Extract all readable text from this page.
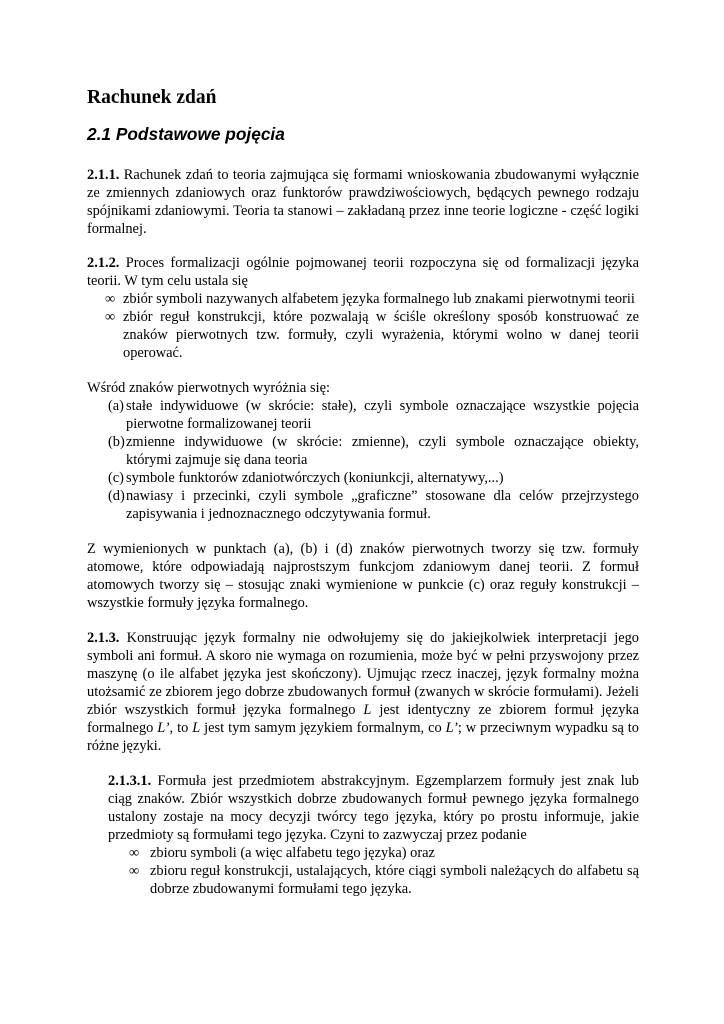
Rachunek zdań
2.1 Podstawowe pojęcia

2.1.1. Rachunek zdań to teoria zajmująca się formami wnioskowania zbudowanymi wyłącznie ze zmiennych zdaniowych oraz funktorów prawdziwościowych, będących pewnego rodzaju spójnikami zdaniowymi. Teoria ta stanowi – zakładaną przez inne teorie logiczne - część logiki formalnej.

2.1.2. Proces formalizacji ogólnie pojmowanej teorii rozpoczyna się od formalizacji języka teorii. W tym celu ustala się

∞ zbiór symboli nazywanych alfabetem języka formalnego lub znakami pierwotnymi teorii
∞ zbiór reguł konstrukcji, które pozwalają w ściśle określony sposób konstruować ze znaków pierwotnych tzw. formuły, czyli wyrażenia, którymi wolno w danej teorii operować.

Wśród znaków pierwotnych wyróżnia się:

(a) stałe indywiduowe (w skrócie: stałe), czyli symbole oznaczające wszystkie pojęcia pierwotne formalizowanej teorii
(b) zmienne indywiduowe (w skrócie: zmienne), czyli symbole oznaczające obiekty, którymi zajmuje się dana teoria
(c) symbole funktorów zdaniotwórczych (koniunkcji, alternatywy,...)
(d) nawiasy i przecinki, czyli symbole „graficzne” stosowane dla celów przejrzystego zapisywania i jednoznacznego odczytywania formuł.

Z wymienionych w punktach (a), (b) i (d) znaków pierwotnych tworzy się tzw. formuły atomowe, które odpowiadają najprostszym funkcjom zdaniowym danej teorii. Z formuł atomowych tworzy się – stosując znaki wymienione w punkcie (c) oraz reguły konstrukcji – wszystkie formuły języka formalnego.

2.1.3. Konstruując język formalny nie odwołujemy się do jakiejkolwiek interpretacji jego symboli ani formuł. A skoro nie wymaga on rozumienia, może być w pełni przyswojony przez maszynę (o ile alfabet języka jest skończony). Ujmując rzecz inaczej, język formalny można utożsamić ze zbiorem jego dobrze zbudowanych formuł (zwanych w skrócie formułami). Jeżeli zbiór wszystkich formuł języka formalnego L jest identyczny ze zbiorem formuł języka formalnego L’, to L jest tym samym językiem formalnym, co L’; w przeciwnym wypadku są to różne języki.

2.1.3.1. Formuła jest przedmiotem abstrakcyjnym. Egzemplarzem formuły jest znak lub ciąg znaków. Zbiór wszystkich dobrze zbudowanych formuł pewnego języka formalnego ustalony zostaje na mocy decyzji twórcy tego języka, który po prostu informuje, jakie przedmioty są formułami tego języka. Czyni to zazwyczaj przez podanie

∞ zbioru symboli (a więc alfabetu tego języka) oraz
∞ zbioru reguł konstrukcji, ustalających, które ciągi symboli należących do alfabetu są dobrze zbudowanymi formułami tego języka.
